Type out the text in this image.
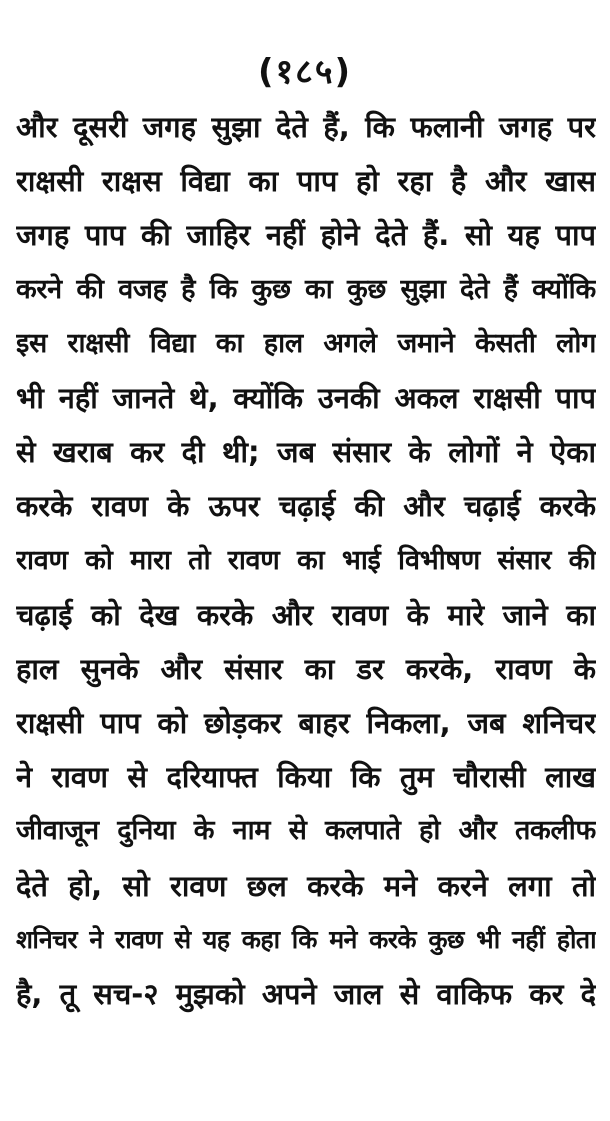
(१८५)
और दूसरी जगह सुझा देते हैं, कि फलानी जगह पर
राक्षसी राक्षस विद्या का पाप हो रहा है और खास
जगह पाप की जाहिर नहीं होने देते हैं. सो यह पाप
करने की वजह है कि कुछ का कुछ सुझा देते हैं क्योंकि
इस राक्षसी विद्या का हाल अगले जमाने केसती लोग
भी नहीं जानते थे, क्योंकि उनकी अकल राक्षसी पाप
से खराब कर दी थी; जब संसार के लोगों ने ऐका
करके रावण के ऊपर चढ़ाई की और चढ़ाई करके
रावण को मारा तो रावण का भाई विभीषण संसार की
चढ़ाई को देख करके और रावण के मारे जाने का
हाल सुनके और संसार का डर करके, रावण के
राक्षसी पाप को छोड़कर बाहर निकला, जब शनिचर
ने रावण से दरियाफ्त किया कि तुम चौरासी लाख
जीवाजून दुनिया के नाम से कलपाते हो और तकलीफ
देते हो, सो रावण छल करके मने करने लगा तो
शनिचर ने रावण से यह कहा कि मने करके कुछ भी नहीं होता
है, तू सच-२ मुझको अपने जाल से वाकिफ कर दे
